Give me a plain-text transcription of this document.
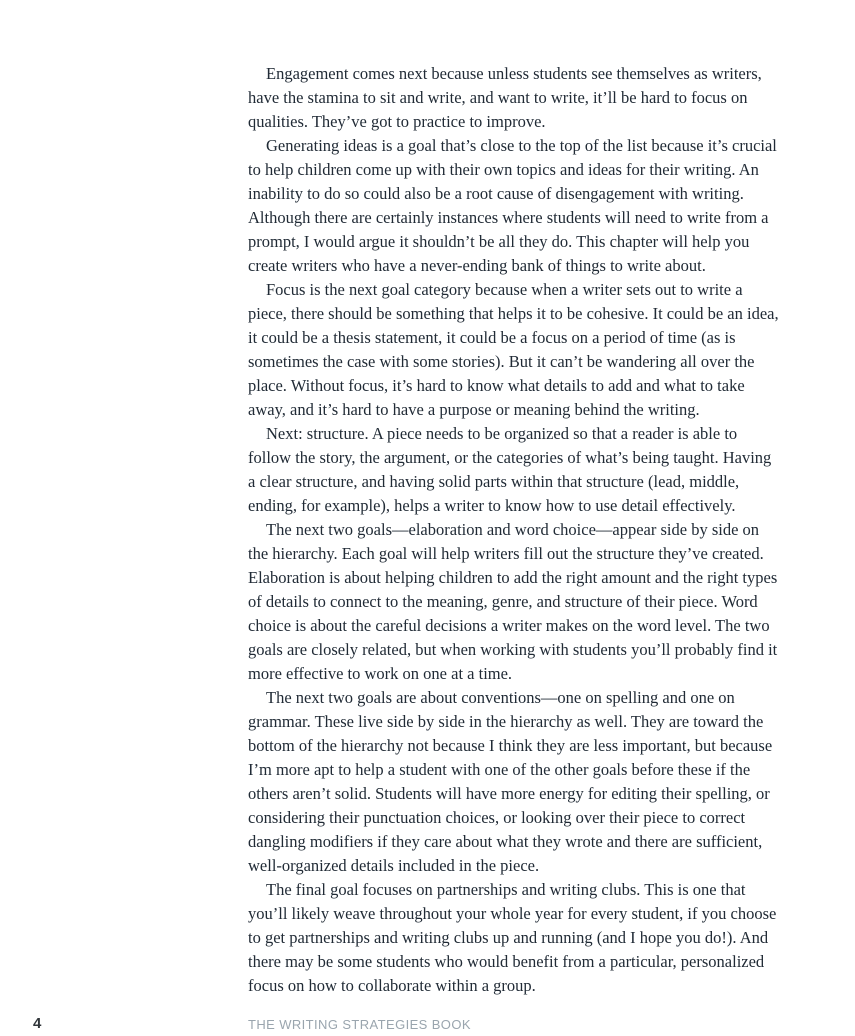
Engagement comes next because unless students see themselves as writers, have the stamina to sit and write, and want to write, it’ll be hard to focus on qualities. They’ve got to practice to improve.

Generating ideas is a goal that’s close to the top of the list because it’s crucial to help children come up with their own topics and ideas for their writing. An inability to do so could also be a root cause of disengagement with writing. Although there are certainly instances where students will need to write from a prompt, I would argue it shouldn’t be all they do. This chapter will help you create writers who have a never-ending bank of things to write about.

Focus is the next goal category because when a writer sets out to write a piece, there should be something that helps it to be cohesive. It could be an idea, it could be a thesis statement, it could be a focus on a period of time (as is sometimes the case with some stories). But it can’t be wandering all over the place. Without focus, it’s hard to know what details to add and what to take away, and it’s hard to have a purpose or meaning behind the writing.

Next: structure. A piece needs to be organized so that a reader is able to follow the story, the argument, or the categories of what’s being taught. Having a clear structure, and having solid parts within that structure (lead, middle, ending, for example), helps a writer to know how to use detail effectively.

The next two goals—elaboration and word choice—appear side by side on the hierarchy. Each goal will help writers fill out the structure they’ve created. Elaboration is about helping children to add the right amount and the right types of details to connect to the meaning, genre, and structure of their piece. Word choice is about the careful decisions a writer makes on the word level. The two goals are closely related, but when working with students you’ll probably find it more effective to work on one at a time.

The next two goals are about conventions—one on spelling and one on grammar. These live side by side in the hierarchy as well. They are toward the bottom of the hierarchy not because I think they are less important, but because I’m more apt to help a student with one of the other goals before these if the others aren’t solid. Students will have more energy for editing their spelling, or considering their punctuation choices, or looking over their piece to correct dangling modifiers if they care about what they wrote and there are sufficient, well-organized details included in the piece.

The final goal focuses on partnerships and writing clubs. This is one that you’ll likely weave throughout your whole year for every student, if you choose to get partnerships and writing clubs up and running (and I hope you do!). And there may be some students who would benefit from a particular, personalized focus on how to collaborate within a group.

4	THE WRITING STRATEGIES BOOK
